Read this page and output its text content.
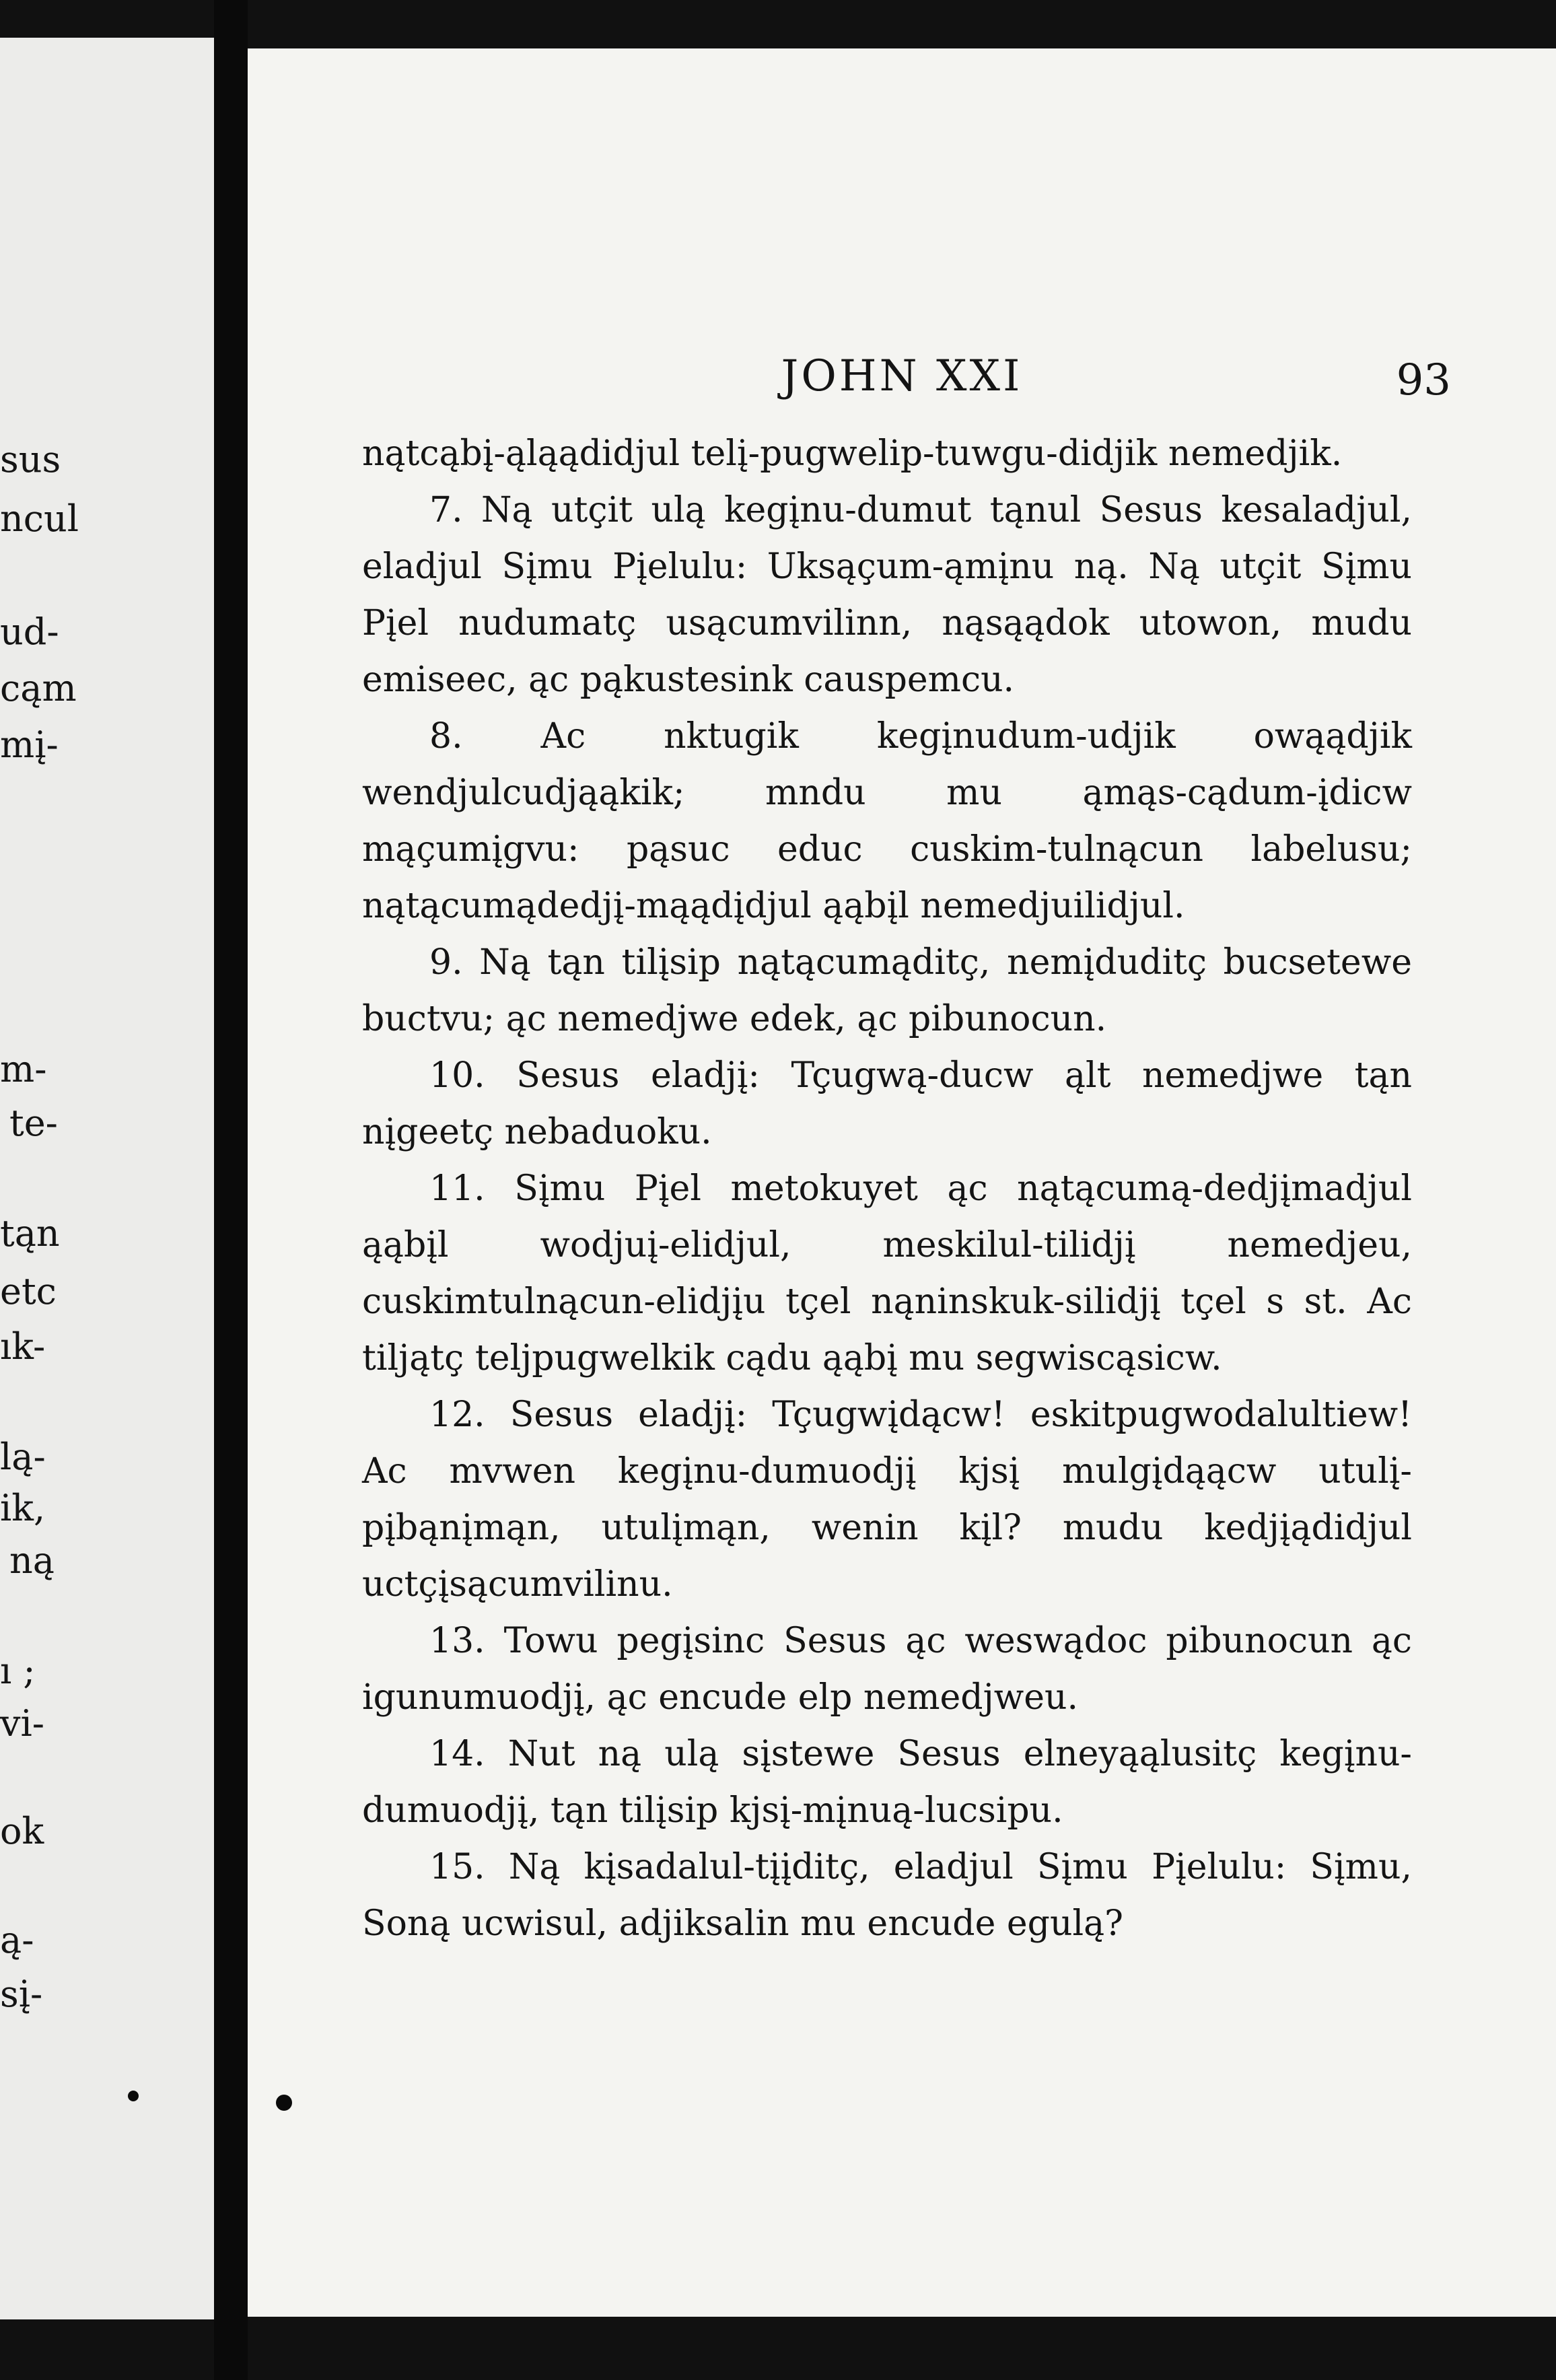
sus
ncul
ud-
cąm
mį-
m-
te-
tąn
etc
ık-
lą-
ik,
ną
ı ;
vi-
ok
ą-
sį-
JOHN XXI	93

nątcąbį-ąląądidjul telį-pugwelip-tuwgu-didjik nemedjik.

7. Ną utçit ulą kegįnu-dumut tąnul Sesus kesaladjul, eladjul Sįmu Pįelulu: Uksąçum-ąmįnu ną. Ną utçit Sįmu Pįel nudumatç usącumvilinn, nąsąądok utowon, mudu emiseec, ąc pąkustesink causpemcu.

8. Ac nktugik kegįnudum-udjik owąądjik wendjulcudjąąkik; mndu mu ąmąs-cądum-įdicw mąçumįgvu: pąsuc educ cuskim-tulnącun labelusu; nątącumądedjį-mąądįdjul ąąbįl nemedjuilidjul.

9. Ną tąn tilįsip nątącumąditç, nemįduditç bucsetewe buctvu; ąc nemedjwe edek, ąc pibunocun.

10. Sesus eladjį: Tçugwą-ducw ąlt nemedjwe tąn nįgeetç nebaduoku.

11. Sįmu Pįel metokuyet ąc nątącumą-dedjįmadjul ąąbįl wodjuį-elidjul, meskilul-tilidjį nemedjeu, cuskimtulnącun-elidjįu tçel nąninskuk-silidjį tçel s st. Ac tiljątç teljpugwelkik cądu ąąbį mu segwiscąsicw.

12. Sesus eladjį: Tçugwįdącw! eskitpugwodalultiew! Ac mvwen kegįnu-dumuodjį kjsį mulgįdąącw utulį-pįbąnįmąn, utulįmąn, wenin kįl? mudu kedjįądidjul uctçįsącumvilinu.

13. Towu pegįsinc Sesus ąc weswądoc pibunocun ąc igunumuodjį, ąc encude elp nemedjweu.

14. Nut ną ulą sįstewe Sesus elneyąąlusitç kegįnu-dumuodjį, tąn tilįsip kjsį-mįnuą-lucsipu.

15. Ną kįsadalul-tįįditç, eladjul Sįmu Pįelulu: Sįmu, Soną ucwisul, adjiksalin mu encude egulą?
